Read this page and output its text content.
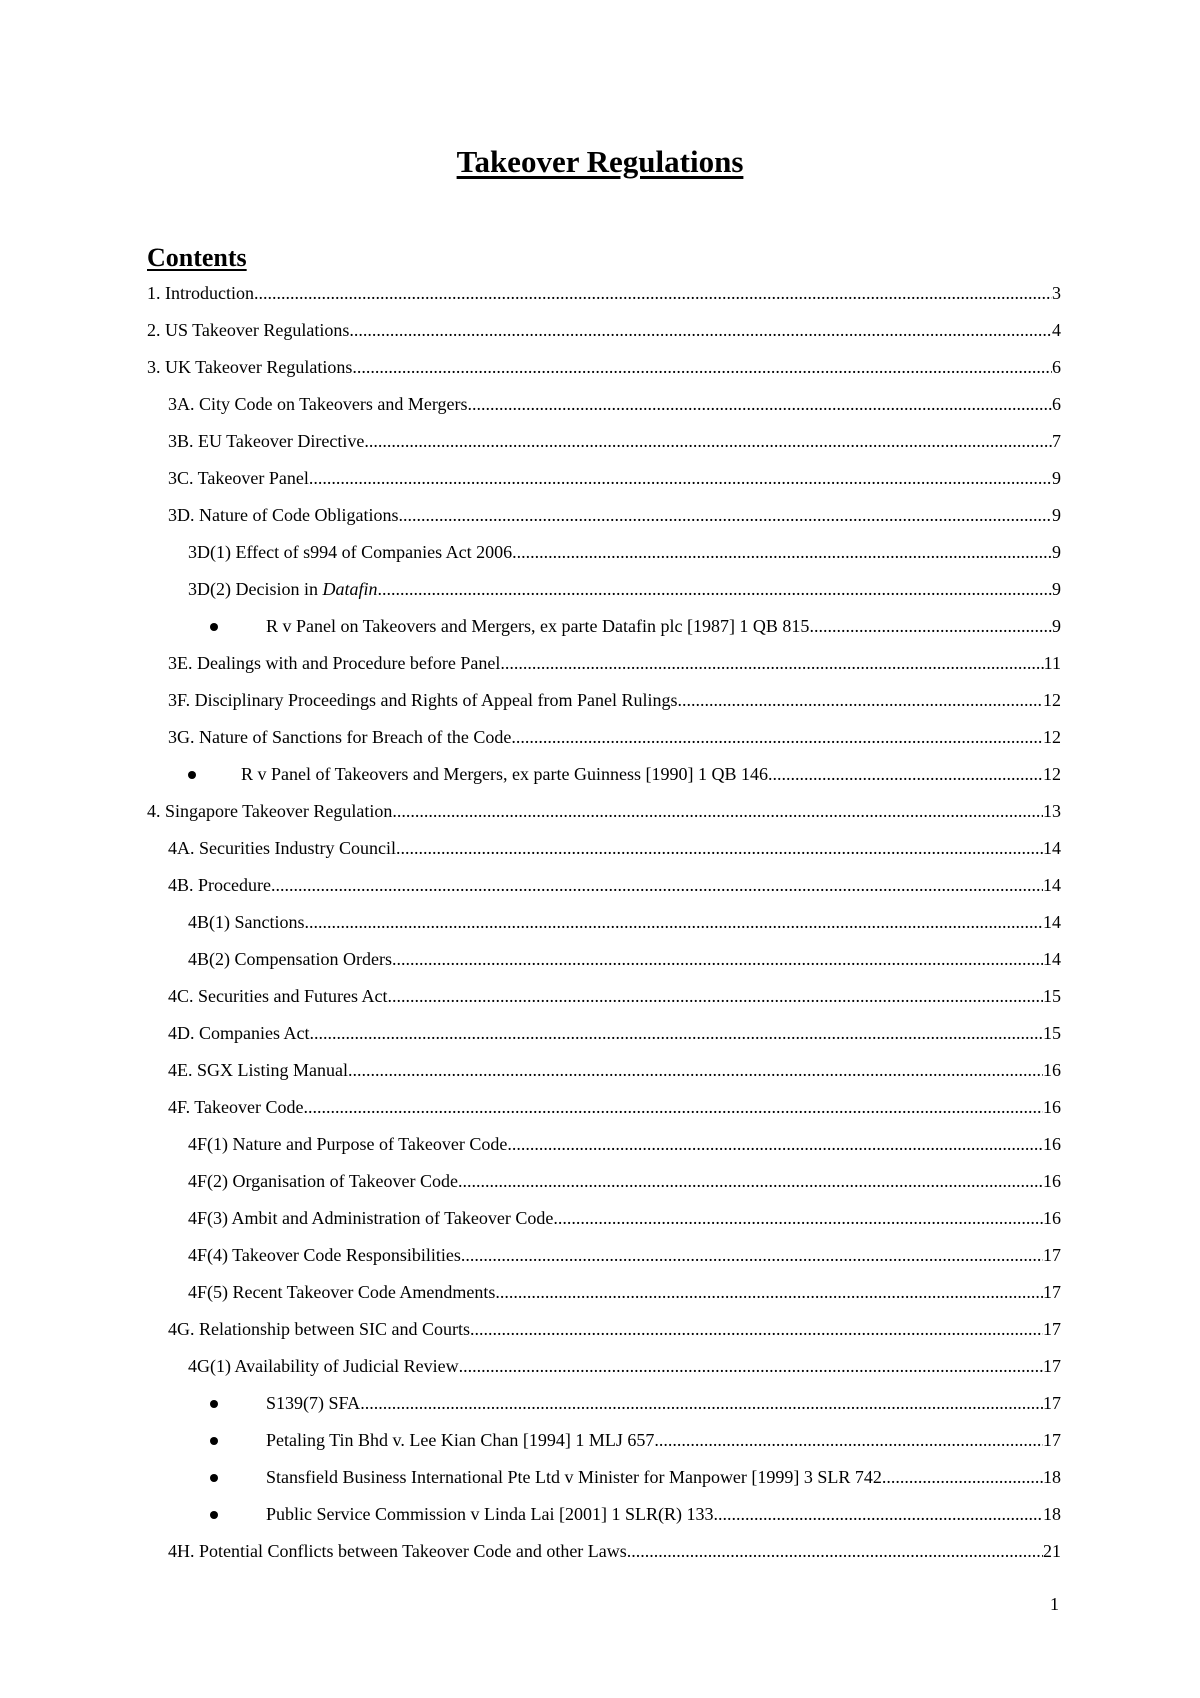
Takeover Regulations
Contents
1. Introduction .....	3
2. US Takeover Regulations .....	4
3. UK Takeover Regulations .....	6
3A. City Code on Takeovers and Mergers .....	6
3B. EU Takeover Directive .....	7
3C. Takeover Panel .....	9
3D. Nature of Code Obligations .....	9
3D(1) Effect of s994 of Companies Act 2006 .....	9
3D(2) Decision in Datafin .....	9
R v Panel on Takeovers and Mergers, ex parte Datafin plc [1987] 1 QB 815 .....	9
3E. Dealings with and Procedure before Panel .....	11
3F. Disciplinary Proceedings and Rights of Appeal from Panel Rulings .....	12
3G. Nature of Sanctions for Breach of the Code .....	12
R v Panel of Takeovers and Mergers, ex parte Guinness [1990] 1 QB 146 .....	12
4. Singapore Takeover Regulation .....	13
4A. Securities Industry Council .....	14
4B. Procedure .....	14
4B(1) Sanctions .....	14
4B(2) Compensation Orders .....	14
4C. Securities and Futures Act .....	15
4D. Companies Act .....	15
4E. SGX Listing Manual .....	16
4F. Takeover Code .....	16
4F(1) Nature and Purpose of Takeover Code .....	16
4F(2) Organisation of Takeover Code .....	16
4F(3) Ambit and Administration of Takeover Code .....	16
4F(4) Takeover Code Responsibilities .....	17
4F(5) Recent Takeover Code Amendments .....	17
4G. Relationship between SIC and Courts .....	17
4G(1) Availability of Judicial Review .....	17
S139(7) SFA .....	17
Petaling Tin Bhd v. Lee Kian Chan [1994] 1 MLJ 657 .....	17
Stansfield Business International Pte Ltd v Minister for Manpower [1999] 3 SLR 742 .....	18
Public Service Commission v Linda Lai [2001] 1 SLR(R) 133 .....	18
4H. Potential Conflicts between Takeover Code and other Laws .....	21
1
